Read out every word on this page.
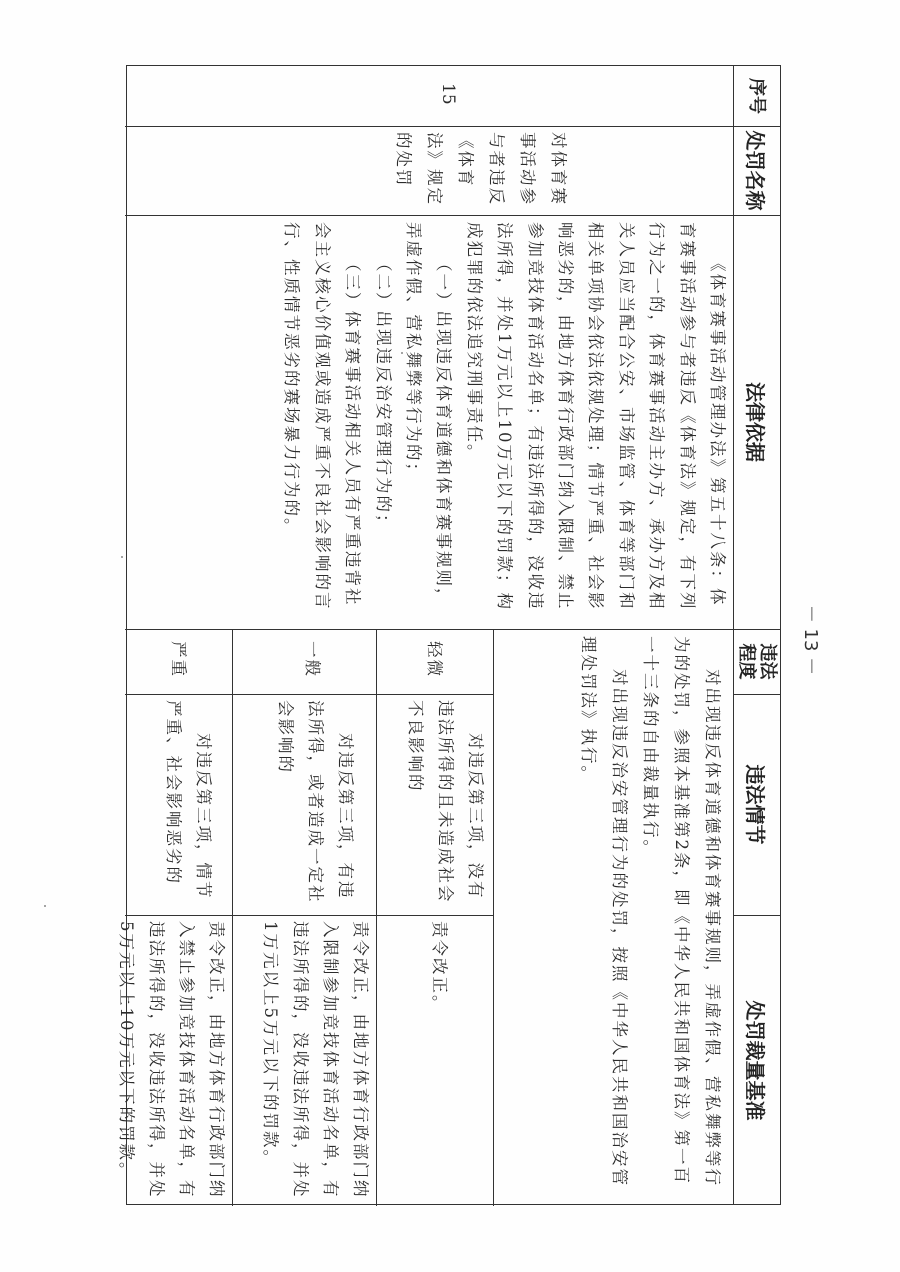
序号
处罚名称
法律依据
违法程度
违法情节
处罚裁量基准
15
对体育赛事活动参与者违反《体育法》规定的处罚

《体育赛事活动管理办法》第五十八条：体育赛事活动参与者违反《体育法》规定，有下列行为之一的，体育赛事活动主办方、承办方及相关人员应当配合公安、市场监管、体育等部门和相关单项协会依法依规处理；情节严重、社会影响恶劣的，由地方体育行政部门纳入限制、禁止参加竞技体育活动名单；有违法所得的，没收违法所得，并处1万元以上10万元以下的罚款；构成犯罪的依法追究刑事责任。

（一）出现违反体育道德和体育赛事规则，弄虚作假、营私舞弊等行为的；

（二）出现违反治安管理行为的；

（三）体育赛事活动相关人员有严重违背社会主义核心价值观或造成严重不良社会影响的言行、性质情节恶劣的赛场暴力行为的。

对出现违反体育道德和体育赛事规则，弄虚作假、营私舞弊等行为的处罚，参照本基准第2条，即《中华人民共和国体育法》第一百一十三条的自由裁量执行。

对出现违反治安管理行为的处罚，按照《中华人民共和国治安管理处罚法》执行。

轻微

对违反第三项，没有违法所得的且未造成社会不良影响的

责令改正。
一般

对违反第三项，有违法所得，或者造成一定社会影响的

责令改正，由地方体育行政部门纳入限制参加竞技体育活动名单，有违法所得的，没收违法所得，并处1万元以上5万元以下的罚款。
严重

对违反第三项，情节严重、社会影响恶劣的

责令改正，由地方体育行政部门纳入禁止参加竞技体育活动名单，有违法所得的，没收违法所得，并处5万元以上10万元以下的罚款。
－ 13 －
